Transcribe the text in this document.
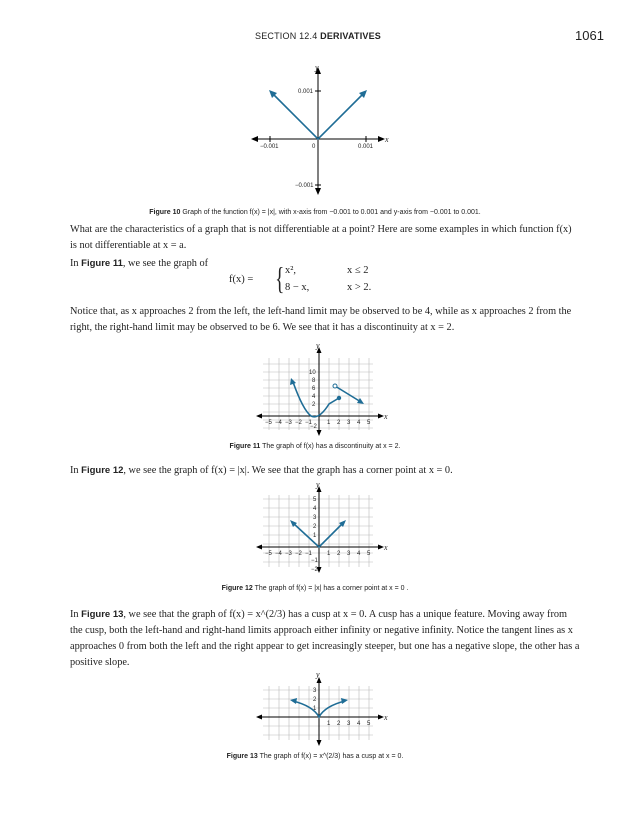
SECTION 12.4 DERIVATIVES	1061
x
y
−0.001	0.001
0
0.001
−0.001
Figure 10 Graph of the function f(x) = |x|, with x-axis from −0.001 to 0.001 and y-axis from −0.001 to 0.001.
What are the characteristics of a graph that is not differentiable at a point? Here are some examples in which function f(x) is not differentiable at x = a.
In Figure 11, we see the graph of
f(x) = { x²,	x ≤ 2
8 − x,	x > 2.
Notice that, as x approaches 2 from the left, the left-hand limit may be observed to be 4, while as x approaches 2 from the right, the right-hand limit may be observed to be 6. We see that it has a discontinuity at x = 2.
x
y
−5 −4 −3 −2 −1	1 2 3 4 5
10
8
6
4
2
−2
Figure 11 The graph of f(x) has a discontinuity at x = 2.
In Figure 12, we see the graph of f(x) = |x|. We see that the graph has a corner point at x = 0.
x
y
−5 −4 −3 −2 −1	1 2 3 4 5
5
4
3
2
1
−1
−2
Figure 12 The graph of f(x) = |x| has a corner point at x = 0 .
In Figure 13, we see that the graph of f(x) = x^(2/3) has a cusp at x = 0. A cusp has a unique feature. Moving away from the cusp, both the left-hand and right-hand limits approach either infinity or negative infinity. Notice the tangent lines as x approaches 0 from both the left and the right appear to get increasingly steeper, but one has a negative slope, the other has a positive slope.
x
y
1 2 3 4 5
3
2
1
Figure 13 The graph of f(x) = x^(2/3) has a cusp at x = 0.
